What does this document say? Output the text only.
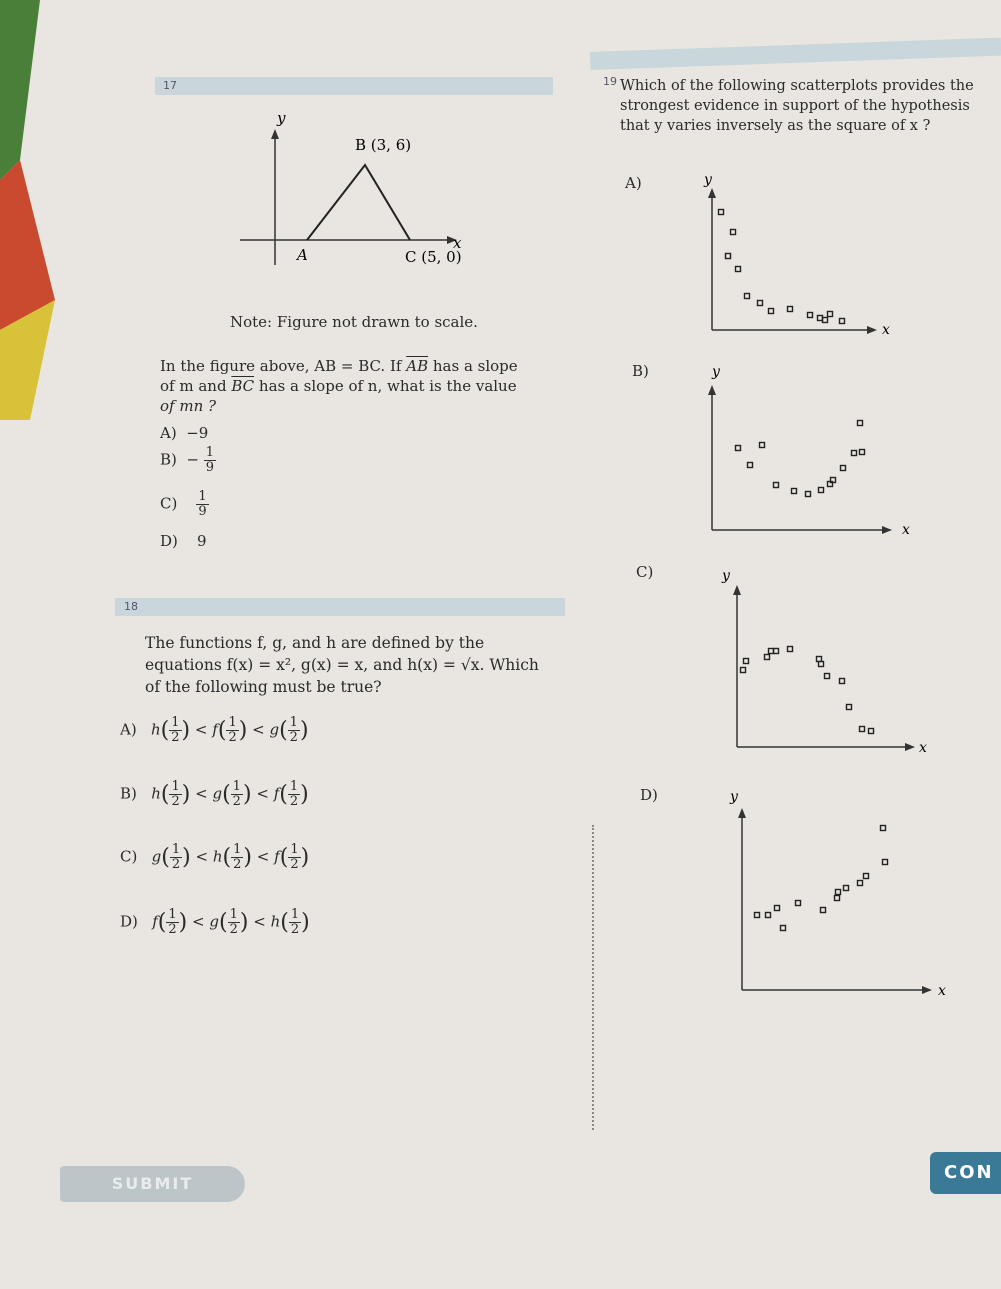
17
y
x
B (3, 6)
A	C (5, 0)
Note: Figure not drawn to scale.
In the figure above, AB = BC. If $\overline{AB}$ has a slope
of m and $\overline{BC}$ has a slope of n, what is the value
of mn ?
A) −9
$B) - \frac{1}{9}$
$C) \frac{1}{9}$
D) 9
18
The functions f, g, and h are defined by the
equations f(x) = x², g(x) = x, and h(x) = √x. Which
of the following must be true?
A) $h( \frac{1}{2}$ ) < $f( \frac{1}{2}$ ) < $g( \frac{1}{2}$ )
B) $h( \frac{1}{2}$ ) < $g( \frac{1}{2}$ ) < $f( \frac{1}{2}$ )
C) $g( \frac{1}{2}$ ) < $h( \frac{1}{2}$ ) < $f( \frac{1}{2}$ )
D) $f( \frac{1}{2}$ ) < $g( \frac{1}{2}$ ) < $h( \frac{1}{2}$ )
19 Which of the following scatterplots provides the
strongest evidence in support of the hypothesis
that y varies inversely as the square of x ?
A)	y
x
B)	y
x
C)	y
x
D)	y
x
SUBMIT
CON
